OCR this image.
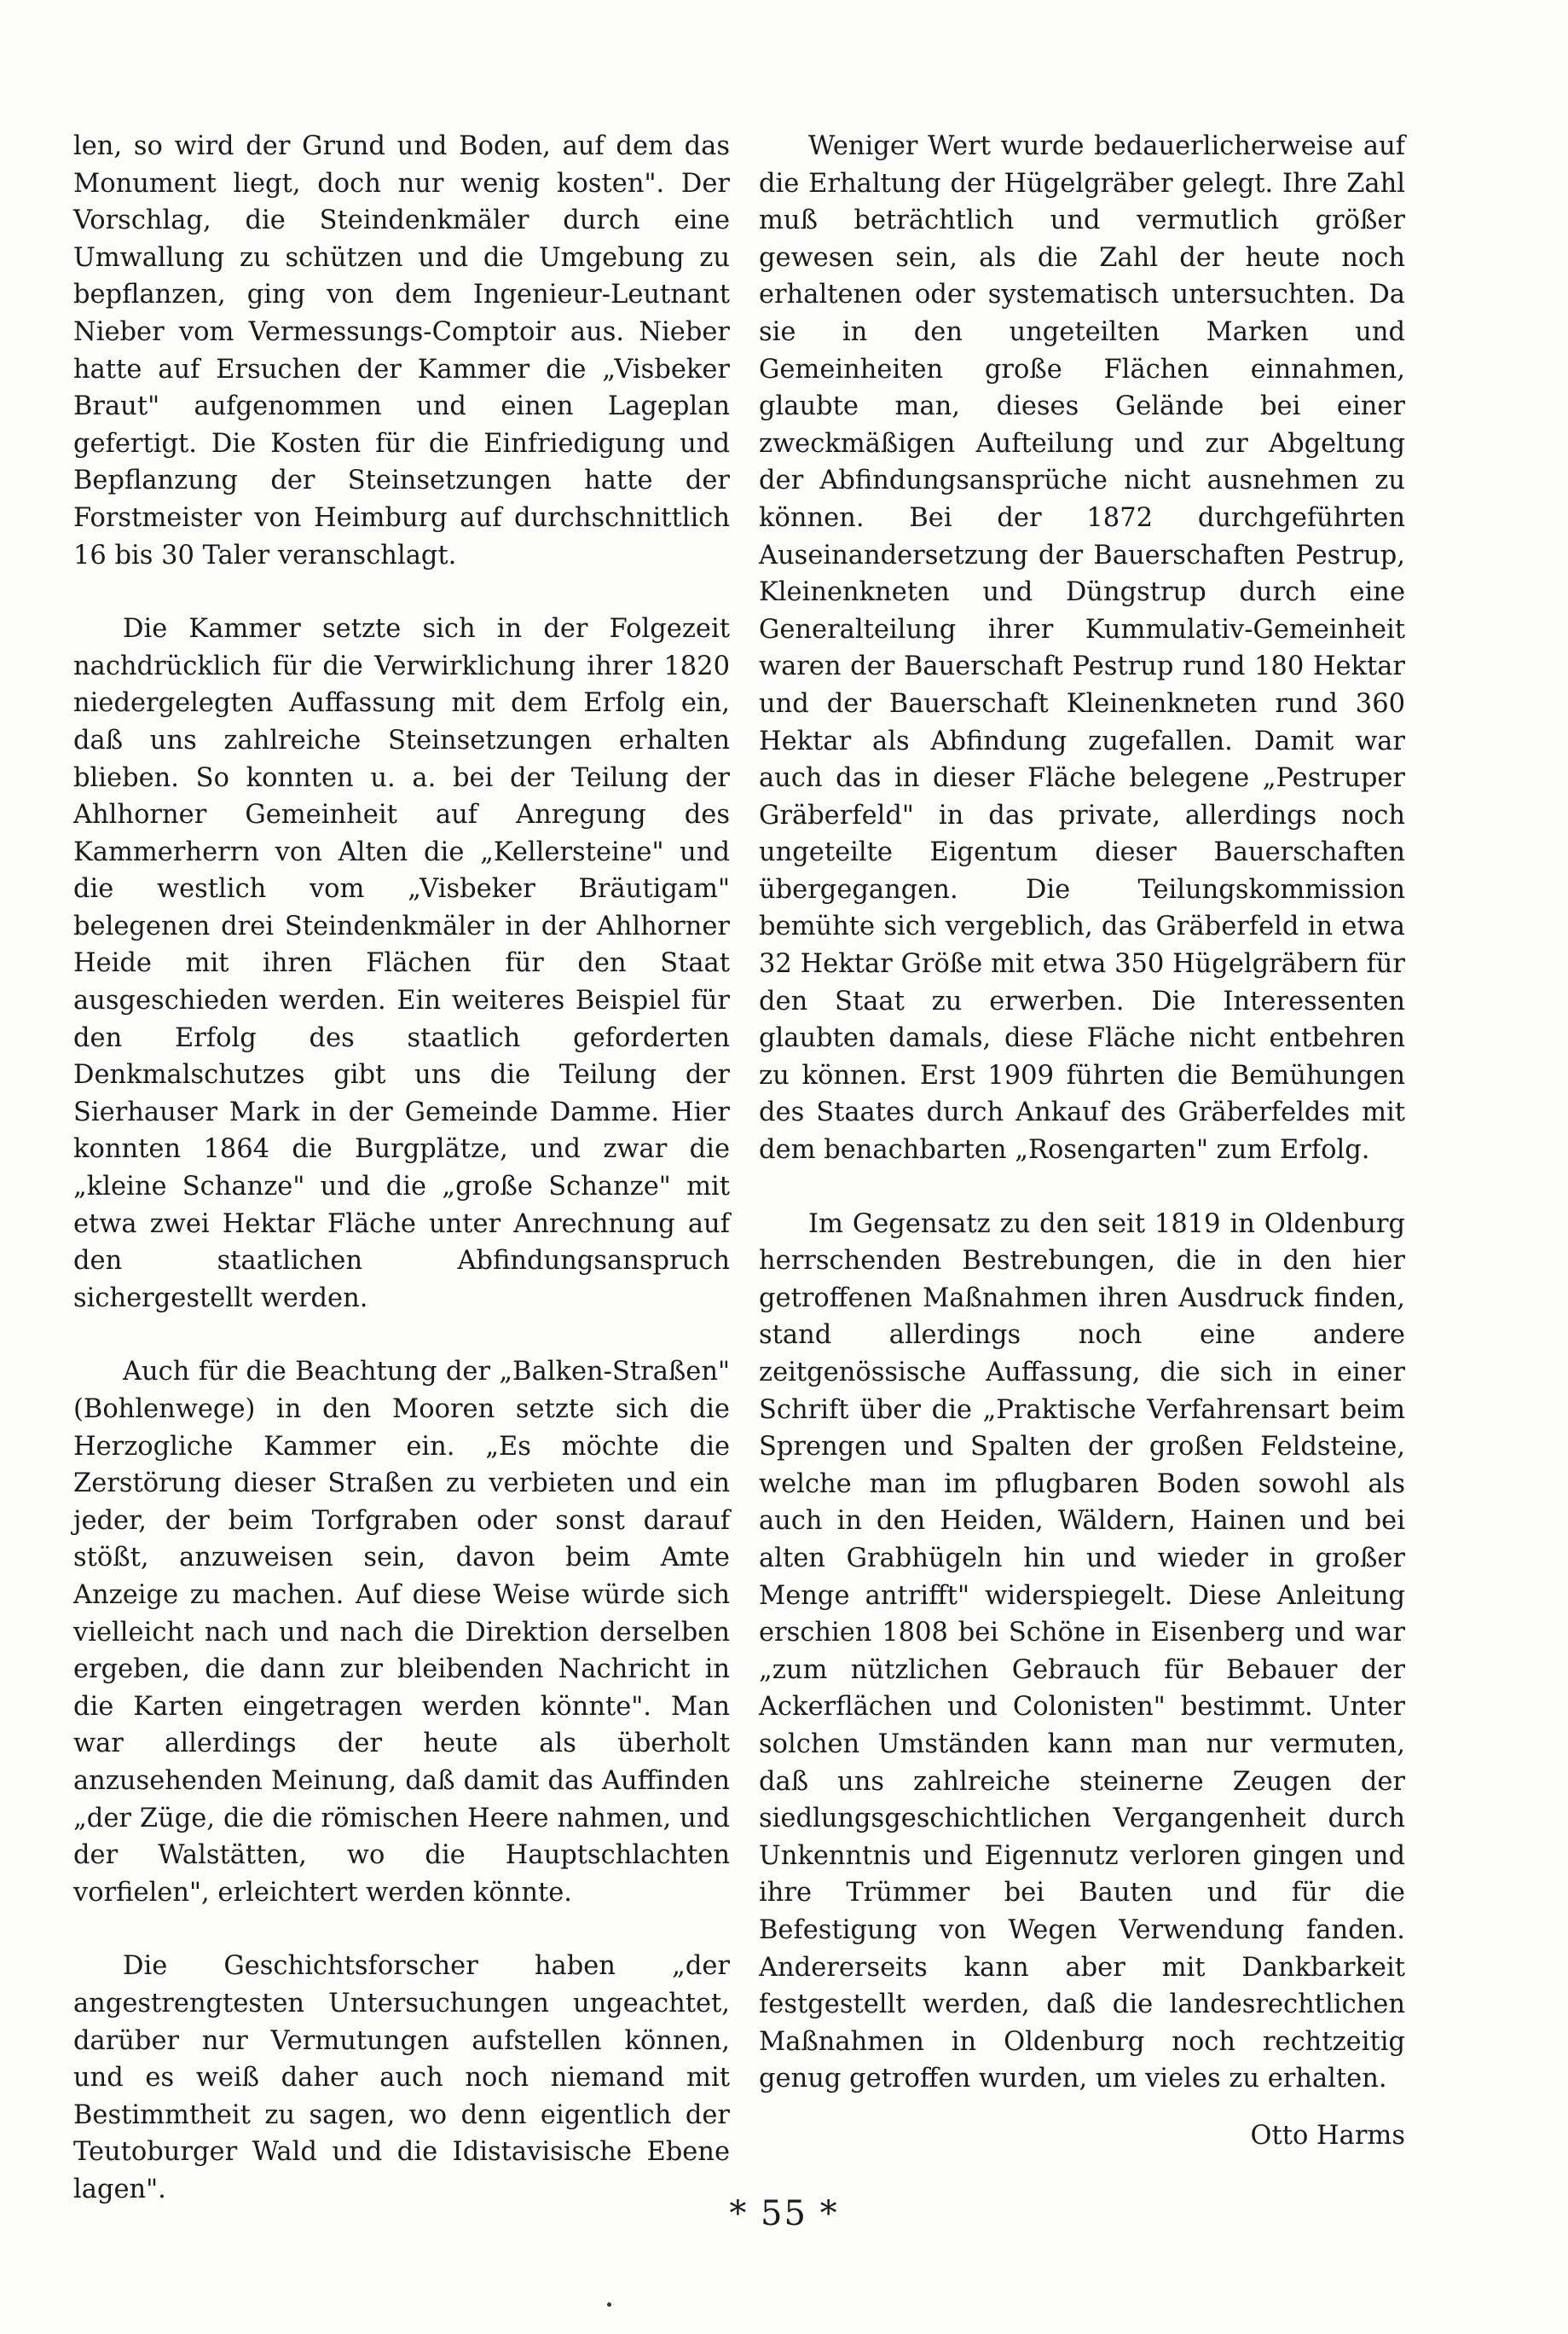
len, so wird der Grund und Boden, auf dem das Monument liegt, doch nur wenig kosten". Der Vorschlag, die Steindenkmäler durch eine Umwallung zu schützen und die Umgebung zu bepflanzen, ging von dem Ingenieur-Leutnant Nieber vom Vermessungs-Comptoir aus. Nieber hatte auf Ersuchen der Kammer die „Visbeker Braut" aufgenommen und einen Lageplan gefertigt. Die Kosten für die Einfriedigung und Bepflanzung der Steinsetzungen hatte der Forstmeister von Heimburg auf durchschnittlich 16 bis 30 Taler veranschlagt.

Die Kammer setzte sich in der Folgezeit nachdrücklich für die Verwirklichung ihrer 1820 niedergelegten Auffassung mit dem Erfolg ein, daß uns zahlreiche Steinsetzungen erhalten blieben. So konnten u. a. bei der Teilung der Ahlhorner Gemeinheit auf Anregung des Kammerherrn von Alten die „Kellersteine" und die westlich vom „Visbeker Bräutigam" belegenen drei Steindenkmäler in der Ahlhorner Heide mit ihren Flächen für den Staat ausgeschieden werden. Ein weiteres Beispiel für den Erfolg des staatlich geforderten Denkmalschutzes gibt uns die Teilung der Sierhauser Mark in der Gemeinde Damme. Hier konnten 1864 die Burgplätze, und zwar die „kleine Schanze" und die „große Schanze" mit etwa zwei Hektar Fläche unter Anrechnung auf den staatlichen Abfindungsanspruch sichergestellt werden.

Auch für die Beachtung der „Balken-Straßen" (Bohlenwege) in den Mooren setzte sich die Herzogliche Kammer ein. „Es möchte die Zerstörung dieser Straßen zu verbieten und ein jeder, der beim Torfgraben oder sonst darauf stößt, anzuweisen sein, davon beim Amte Anzeige zu machen. Auf diese Weise würde sich vielleicht nach und nach die Direktion derselben ergeben, die dann zur bleibenden Nachricht in die Karten eingetragen werden könnte". Man war allerdings der heute als überholt anzusehenden Meinung, daß damit das Auffinden „der Züge, die die römischen Heere nahmen, und der Walstätten, wo die Hauptschlachten vorfielen", erleichtert werden könnte.

Die Geschichtsforscher haben „der angestrengtesten Untersuchungen ungeachtet, darüber nur Vermutungen aufstellen können, und es weiß daher auch noch niemand mit Bestimmtheit zu sagen, wo denn eigentlich der Teutoburger Wald und die Idistavisische Ebene lagen".

Weniger Wert wurde bedauerlicherweise auf die Erhaltung der Hügelgräber gelegt. Ihre Zahl muß beträchtlich und vermutlich größer gewesen sein, als die Zahl der heute noch erhaltenen oder systematisch untersuchten. Da sie in den ungeteilten Marken und Gemeinheiten große Flächen einnahmen, glaubte man, dieses Gelände bei einer zweckmäßigen Aufteilung und zur Abgeltung der Abfindungsansprüche nicht ausnehmen zu können. Bei der 1872 durchgeführten Auseinandersetzung der Bauerschaften Pestrup, Kleinenkneten und Düngstrup durch eine Generalteilung ihrer Kummulativ-Gemeinheit waren der Bauerschaft Pestrup rund 180 Hektar und der Bauerschaft Kleinenkneten rund 360 Hektar als Abfindung zugefallen. Damit war auch das in dieser Fläche belegene „Pestruper Gräberfeld" in das private, allerdings noch ungeteilte Eigentum dieser Bauerschaften übergegangen. Die Teilungskommission bemühte sich vergeblich, das Gräberfeld in etwa 32 Hektar Größe mit etwa 350 Hügelgräbern für den Staat zu erwerben. Die Interessenten glaubten damals, diese Fläche nicht entbehren zu können. Erst 1909 führten die Bemühungen des Staates durch Ankauf des Gräberfeldes mit dem benachbarten „Rosengarten" zum Erfolg.

Im Gegensatz zu den seit 1819 in Oldenburg herrschenden Bestrebungen, die in den hier getroffenen Maßnahmen ihren Ausdruck finden, stand allerdings noch eine andere zeitgenössische Auffassung, die sich in einer Schrift über die „Praktische Verfahrensart beim Sprengen und Spalten der großen Feldsteine, welche man im pflugbaren Boden sowohl als auch in den Heiden, Wäldern, Hainen und bei alten Grabhügeln hin und wieder in großer Menge antrifft" widerspiegelt. Diese Anleitung erschien 1808 bei Schöne in Eisenberg und war „zum nützlichen Gebrauch für Bebauer der Ackerflächen und Colonisten" bestimmt. Unter solchen Umständen kann man nur vermuten, daß uns zahlreiche steinerne Zeugen der siedlungsgeschichtlichen Vergangenheit durch Unkenntnis und Eigennutz verloren gingen und ihre Trümmer bei Bauten und für die Befestigung von Wegen Verwendung fanden. Andererseits kann aber mit Dankbarkeit festgestellt werden, daß die landesrechtlichen Maßnahmen in Oldenburg noch rechtzeitig genug getroffen wurden, um vieles zu erhalten.

Otto Harms
* 55 *
